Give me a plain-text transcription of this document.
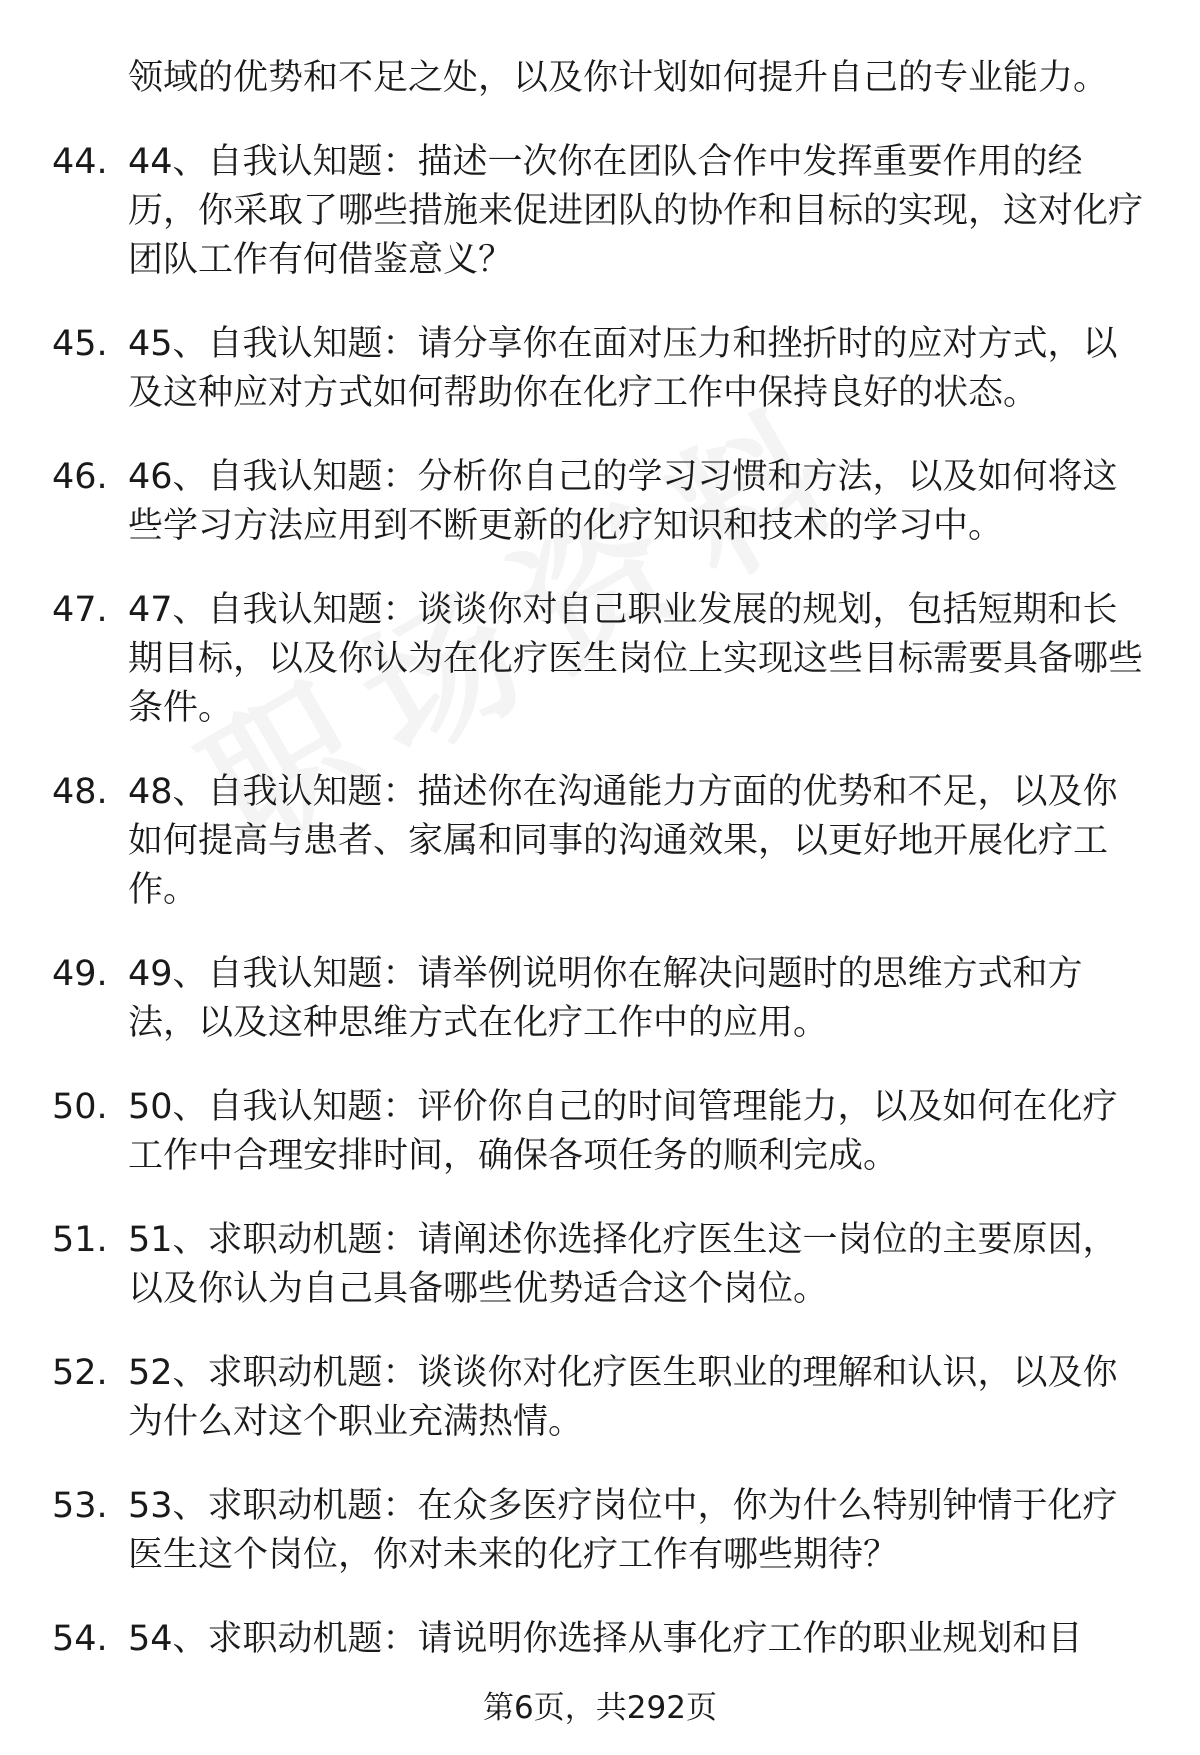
领域的优势和不足之处，以及你计划如何提升自己的专业能力。

44. 44、自我认知题：描述一次你在团队合作中发挥重要作用的经历，你采取了哪些措施来促进团队的协作和目标的实现，这对化疗团队工作有何借鉴意义？
45. 45、自我认知题：请分享你在面对压力和挫折时的应对方式，以及这种应对方式如何帮助你在化疗工作中保持良好的状态。
46. 46、自我认知题：分析你自己的学习习惯和方法，以及如何将这些学习方法应用到不断更新的化疗知识和技术的学习中。
47. 47、自我认知题：谈谈你对自己职业发展的规划，包括短期和长期目标，以及你认为在化疗医生岗位上实现这些目标需要具备哪些条件。
48. 48、自我认知题：描述你在沟通能力方面的优势和不足，以及你如何提高与患者、家属和同事的沟通效果，以更好地开展化疗工作。
49. 49、自我认知题：请举例说明你在解决问题时的思维方式和方法，以及这种思维方式在化疗工作中的应用。
50. 50、自我认知题：评价你自己的时间管理能力，以及如何在化疗工作中合理安排时间，确保各项任务的顺利完成。
51. 51、求职动机题：请阐述你选择化疗医生这一岗位的主要原因，以及你认为自己具备哪些优势适合这个岗位。
52. 52、求职动机题：谈谈你对化疗医生职业的理解和认识，以及你为什么对这个职业充满热情。
53. 53、求职动机题：在众多医疗岗位中，你为什么特别钟情于化疗医生这个岗位，你对未来的化疗工作有哪些期待？
54. 54、求职动机题：请说明你选择从事化疗工作的职业规划和目
第6页，共292页
